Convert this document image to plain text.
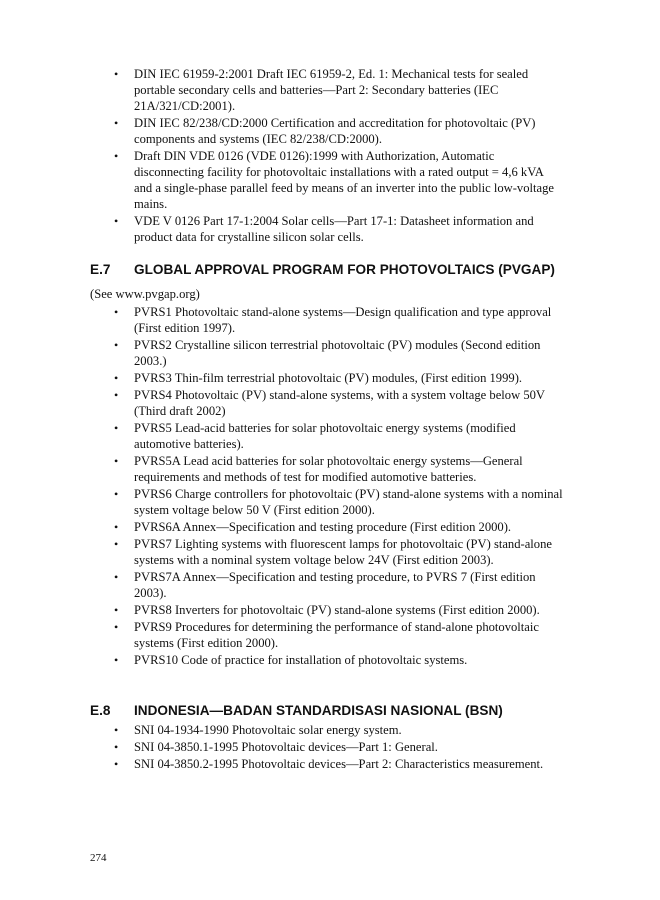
• DIN IEC 61959-2:2001 Draft IEC 61959-2, Ed. 1: Mechanical tests for sealed portable secondary cells and batteries—Part 2: Secondary batteries (IEC 21A/321/CD:2001).
• DIN IEC 82/238/CD:2000 Certification and accreditation for photovoltaic (PV) components and systems (IEC 82/238/CD:2000).
• Draft DIN VDE 0126 (VDE 0126):1999 with Authorization, Automatic disconnecting facility for photovoltaic installations with a rated output = 4,6 kVA and a single-phase parallel feed by means of an inverter into the public low-voltage mains.
• VDE V 0126 Part 17-1:2004 Solar cells—Part 17-1: Datasheet information and product data for crystalline silicon solar cells.
E.7 GLOBAL APPROVAL PROGRAM FOR PHOTOVOLTAICS (PVGAP)
(See www.pvgap.org)
• PVRS1 Photovoltaic stand-alone systems—Design qualification and type approval (First edition 1997).
• PVRS2 Crystalline silicon terrestrial photovoltaic (PV) modules (Second edition 2003.)
• PVRS3 Thin-film terrestrial photovoltaic (PV) modules, (First edition 1999).
• PVRS4 Photovoltaic (PV) stand-alone systems, with a system voltage below 50V (Third draft 2002)
• PVRS5 Lead-acid batteries for solar photovoltaic energy systems (modified automotive batteries).
• PVRS5A Lead acid batteries for solar photovoltaic energy systems—General requirements and methods of test for modified automotive batteries.
• PVRS6 Charge controllers for photovoltaic (PV) stand-alone systems with a nominal system voltage below 50 V (First edition 2000).
• PVRS6A Annex—Specification and testing procedure (First edition 2000).
• PVRS7 Lighting systems with fluorescent lamps for photovoltaic (PV) stand-alone systems with a nominal system voltage below 24V (First edition 2003).
• PVRS7A Annex—Specification and testing procedure, to PVRS 7 (First edition 2003).
• PVRS8 Inverters for photovoltaic (PV) stand-alone systems (First edition 2000).
• PVRS9 Procedures for determining the performance of stand-alone photovoltaic systems (First edition 2000).
• PVRS10 Code of practice for installation of photovoltaic systems.
E.8 INDONESIA—BADAN STANDARDISASI NASIONAL (BSN)
• SNI 04-1934-1990 Photovoltaic solar energy system.
• SNI 04-3850.1-1995 Photovoltaic devices—Part 1: General.
• SNI 04-3850.2-1995 Photovoltaic devices—Part 2: Characteristics measurement.
274
